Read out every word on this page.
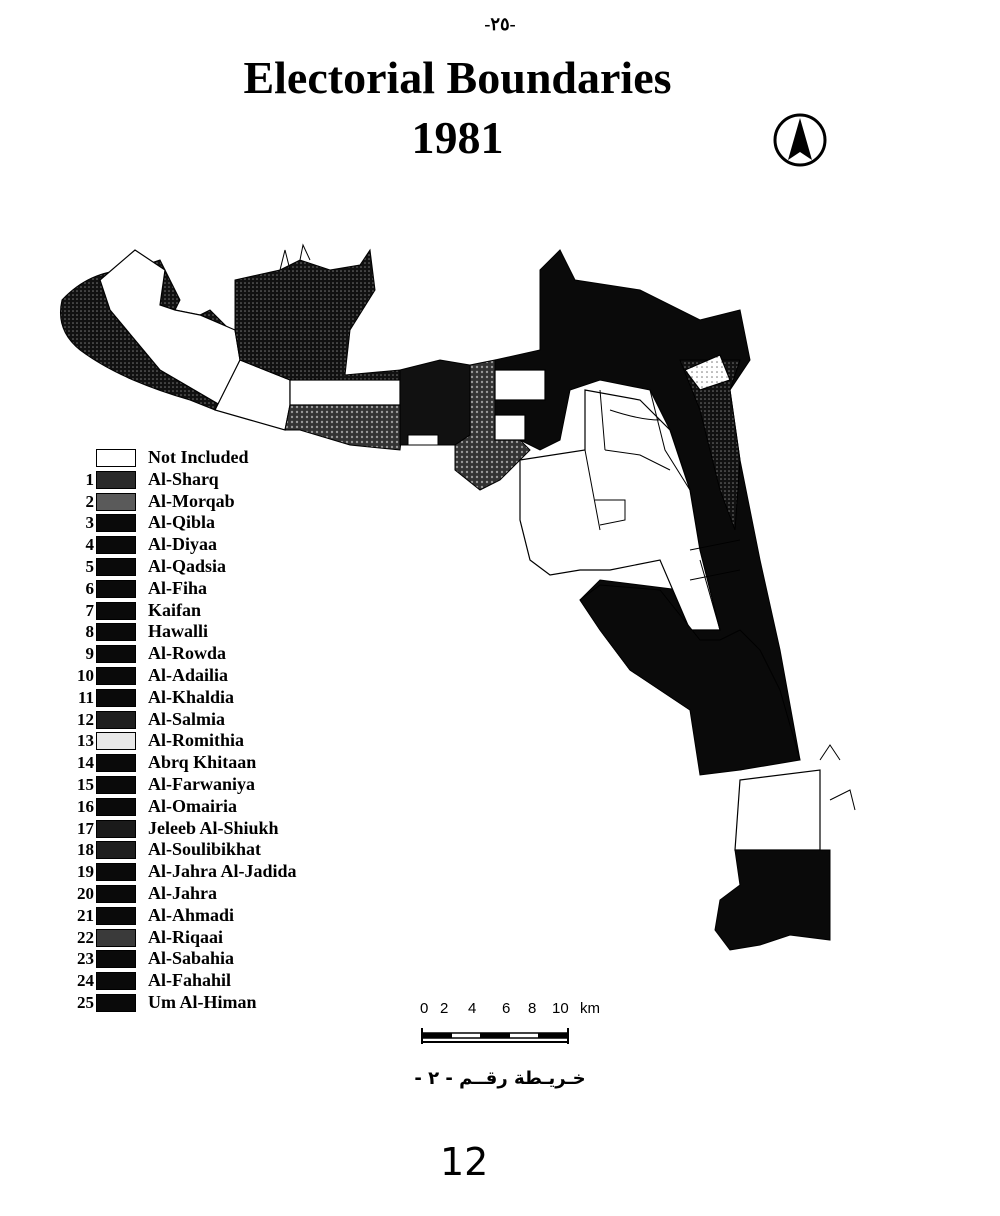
-٢٥-
Electorial Boundaries
1981
Not Included
1	Al-Sharq
2	Al-Morqab
3	Al-Qibla
4	Al-Diyaa
5	Al-Qadsia
6	Al-Fiha
7	Kaifan
8	Hawalli
9	Al-Rowda
10	Al-Adailia
11	Al-Khaldia
12	Al-Salmia
13	Al-Romithia
14	Abrq Khitaan
15	Al-Farwaniya
16	Al-Omairia
17	Jeleeb Al-Shiukh
18	Al-Soulibikhat
19	Al-Jahra Al-Jadida
20	Al-Jahra
21	Al-Ahmadi
22	Al-Riqaai
23	Al-Sabahia
24	Al-Fahahil
25	Um Al-Himan	0 2 4 6 8 10 km
خـريـطة رقــم - ٢ -
12
